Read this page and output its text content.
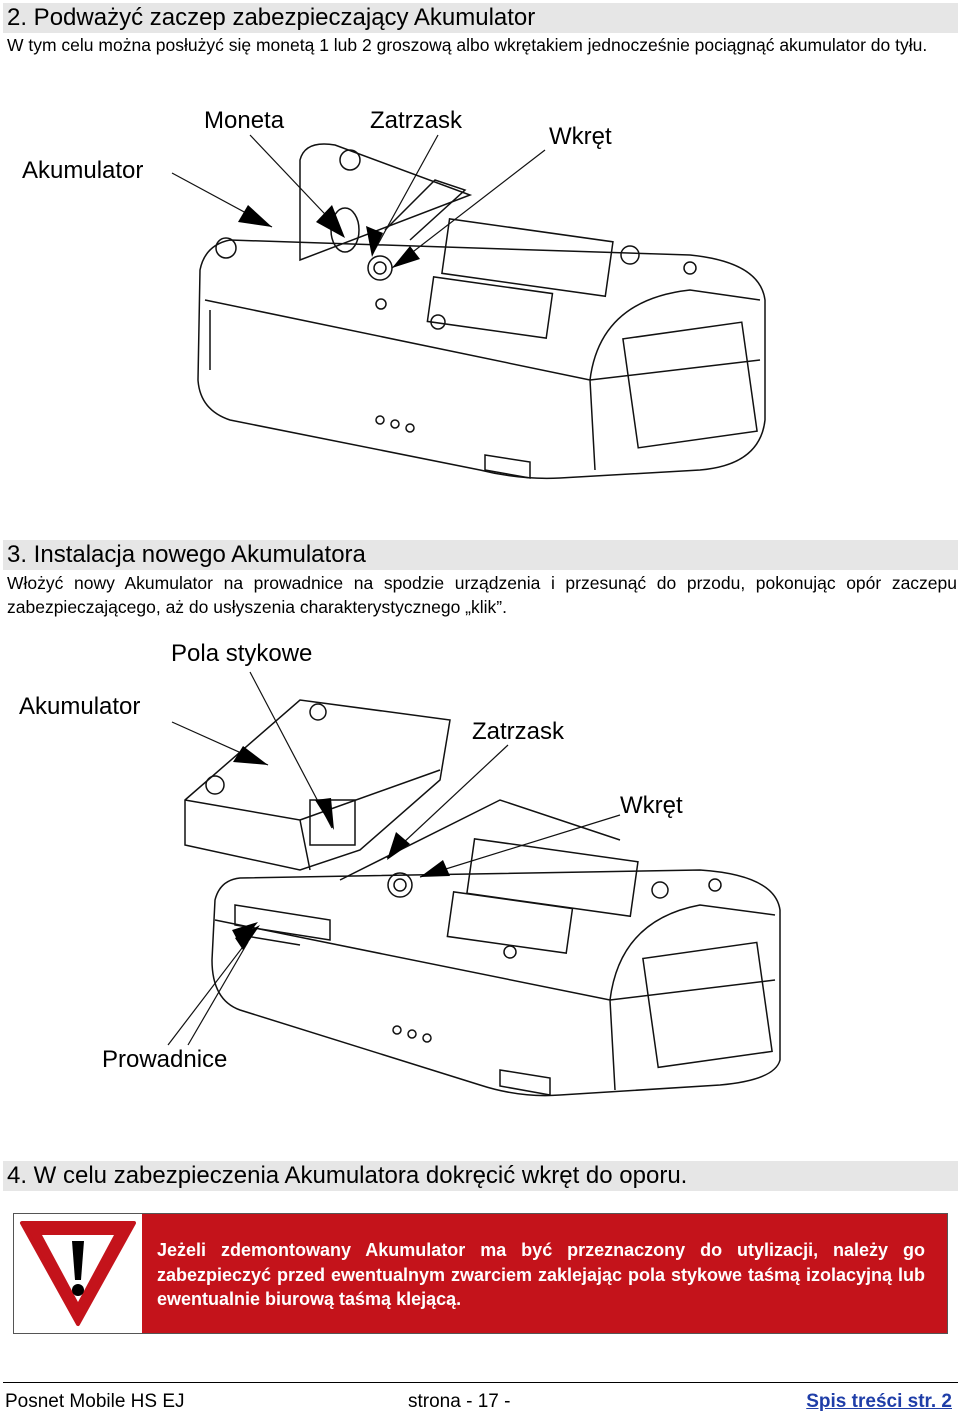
2. Podważyć zaczep zabezpieczający Akumulator
W tym celu można posłużyć się monetą 1 lub 2 groszową albo wkrętakiem jednocześnie pociągnąć akumulator do tyłu.
Akumulator
Moneta	Zatrzask
Wkręt
3. Instalacja nowego Akumulatora
Włożyć nowy Akumulator na prowadnice na spodzie urządzenia i przesunąć do przodu, pokonując opór zaczepu zabezpieczającego, aż do usłyszenia charakterystycznego „klik”.
Akumulator
Pola stykowe
Zatrzask
Wkręt
Prowadnice
4. W celu zabezpieczenia Akumulatora dokręcić wkręt do oporu.
Jeżeli zdemontowany Akumulator ma być przeznaczony do utylizacji, należy go zabezpieczyć przed ewentualnym zwarciem zaklejając pola stykowe taśmą izolacyjną lub ewentualnie biurową taśmą klejącą.
Posnet Mobile HS EJ	strona - 17 -	Spis treści str. 2
